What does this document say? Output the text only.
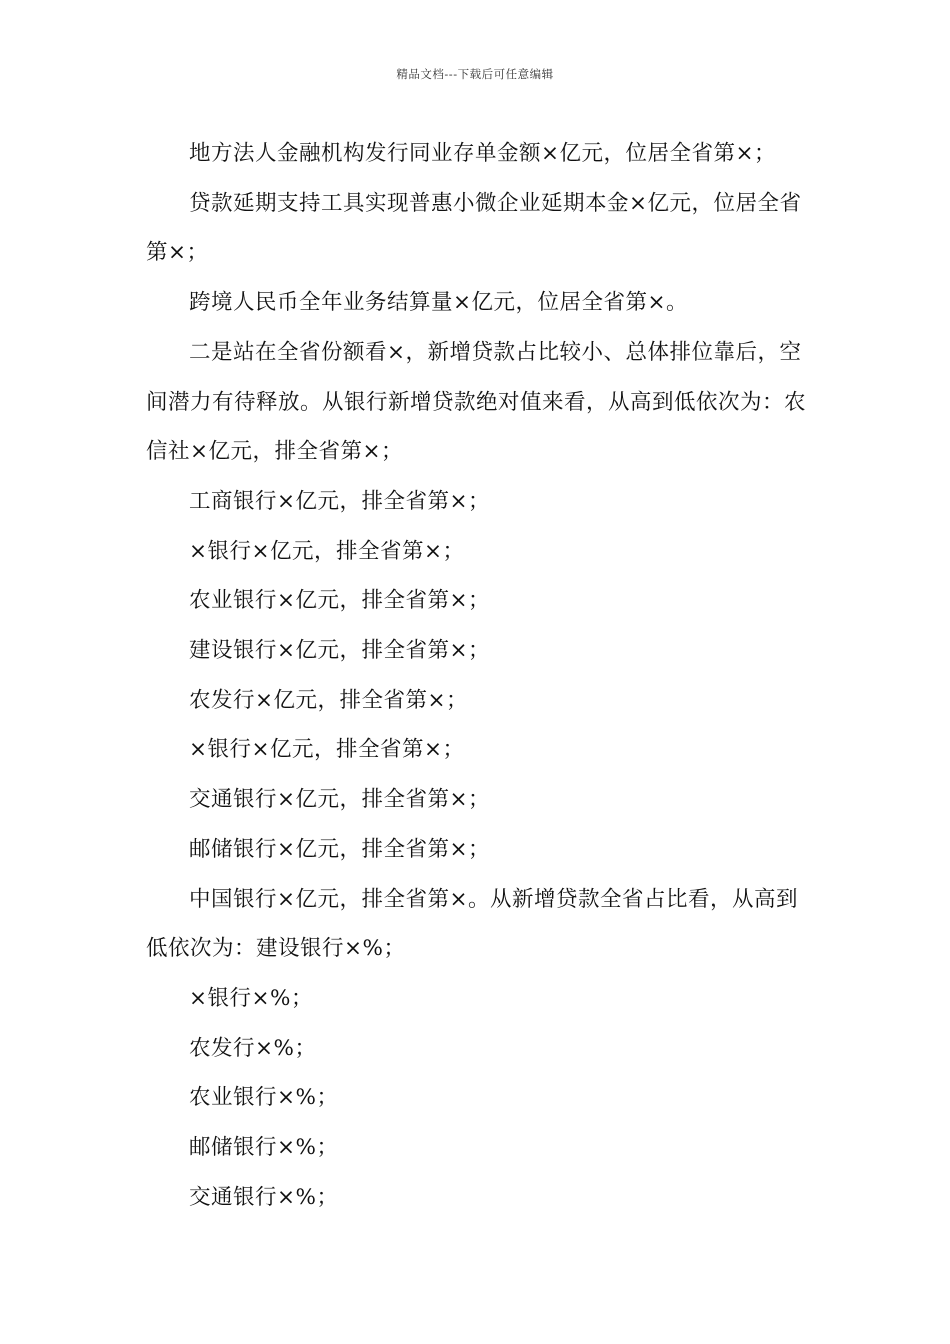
精品文档---下载后可任意编辑

地方法人金融机构发行同业存单金额×亿元，位居全省第×；

贷款延期支持工具实现普惠小微企业延期本金×亿元，位居全省第×；

跨境人民币全年业务结算量×亿元，位居全省第×。

二是站在全省份额看×，新增贷款占比较小、总体排位靠后，空间潜力有待释放。从银行新增贷款绝对值来看，从高到低依次为：农信社×亿元，排全省第×；

工商银行×亿元，排全省第×；

×银行×亿元，排全省第×；

农业银行×亿元，排全省第×；

建设银行×亿元，排全省第×；

农发行×亿元，排全省第×；

×银行×亿元，排全省第×；

交通银行×亿元，排全省第×；

邮储银行×亿元，排全省第×；

中国银行×亿元，排全省第×。从新增贷款全省占比看，从高到低依次为：建设银行×%；

×银行×%；

农发行×%；

农业银行×%；

邮储银行×%；

交通银行×%；
